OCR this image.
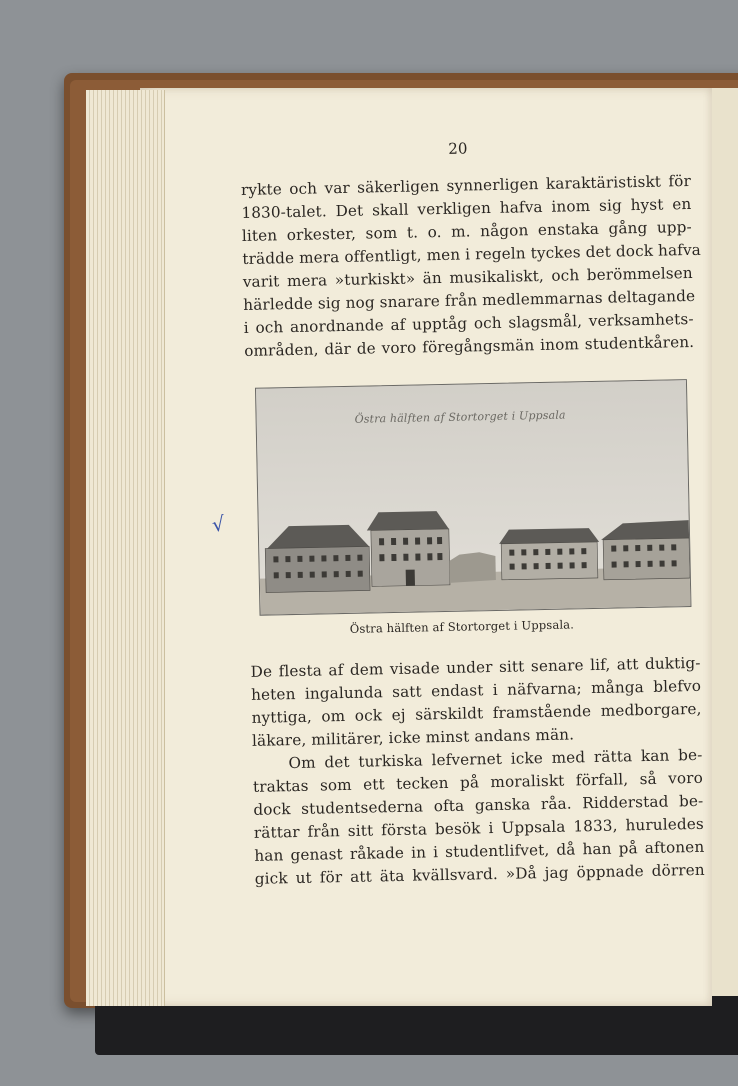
√
20
rykte och var säkerligen synnerligen karaktäristiskt för
1830-talet. Det skall verkligen hafva inom sig hyst en
liten orkester, som t. o. m. någon enstaka gång upp-
trädde mera offentligt, men i regeln tyckes det dock hafva
varit mera »turkiskt» än musikaliskt, och berömmelsen
härledde sig nog snarare från medlemmarnas deltagande
i och anordnande af upptåg och slagsmål, verksamhets-
områden, där de voro föregångsmän inom studentkåren.
Östra hälften af Stortorget i Uppsala
Östra hälften af Stortorget i Uppsala.
De flesta af dem visade under sitt senare lif, att duktig-
heten ingalunda satt endast i näfvarna; många blefvo
nyttiga, om ock ej särskildt framstående medborgare,
läkare, militärer, icke minst andans män.
Om det turkiska lefvernet icke med rätta kan be-
traktas som ett tecken på moraliskt förfall, så voro
dock studentsederna ofta ganska råa. Ridderstad be-
rättar från sitt första besök i Uppsala 1833, huruledes
han genast råkade in i studentlifvet, då han på aftonen
gick ut för att äta kvällsvard. »Då jag öppnade dörren
